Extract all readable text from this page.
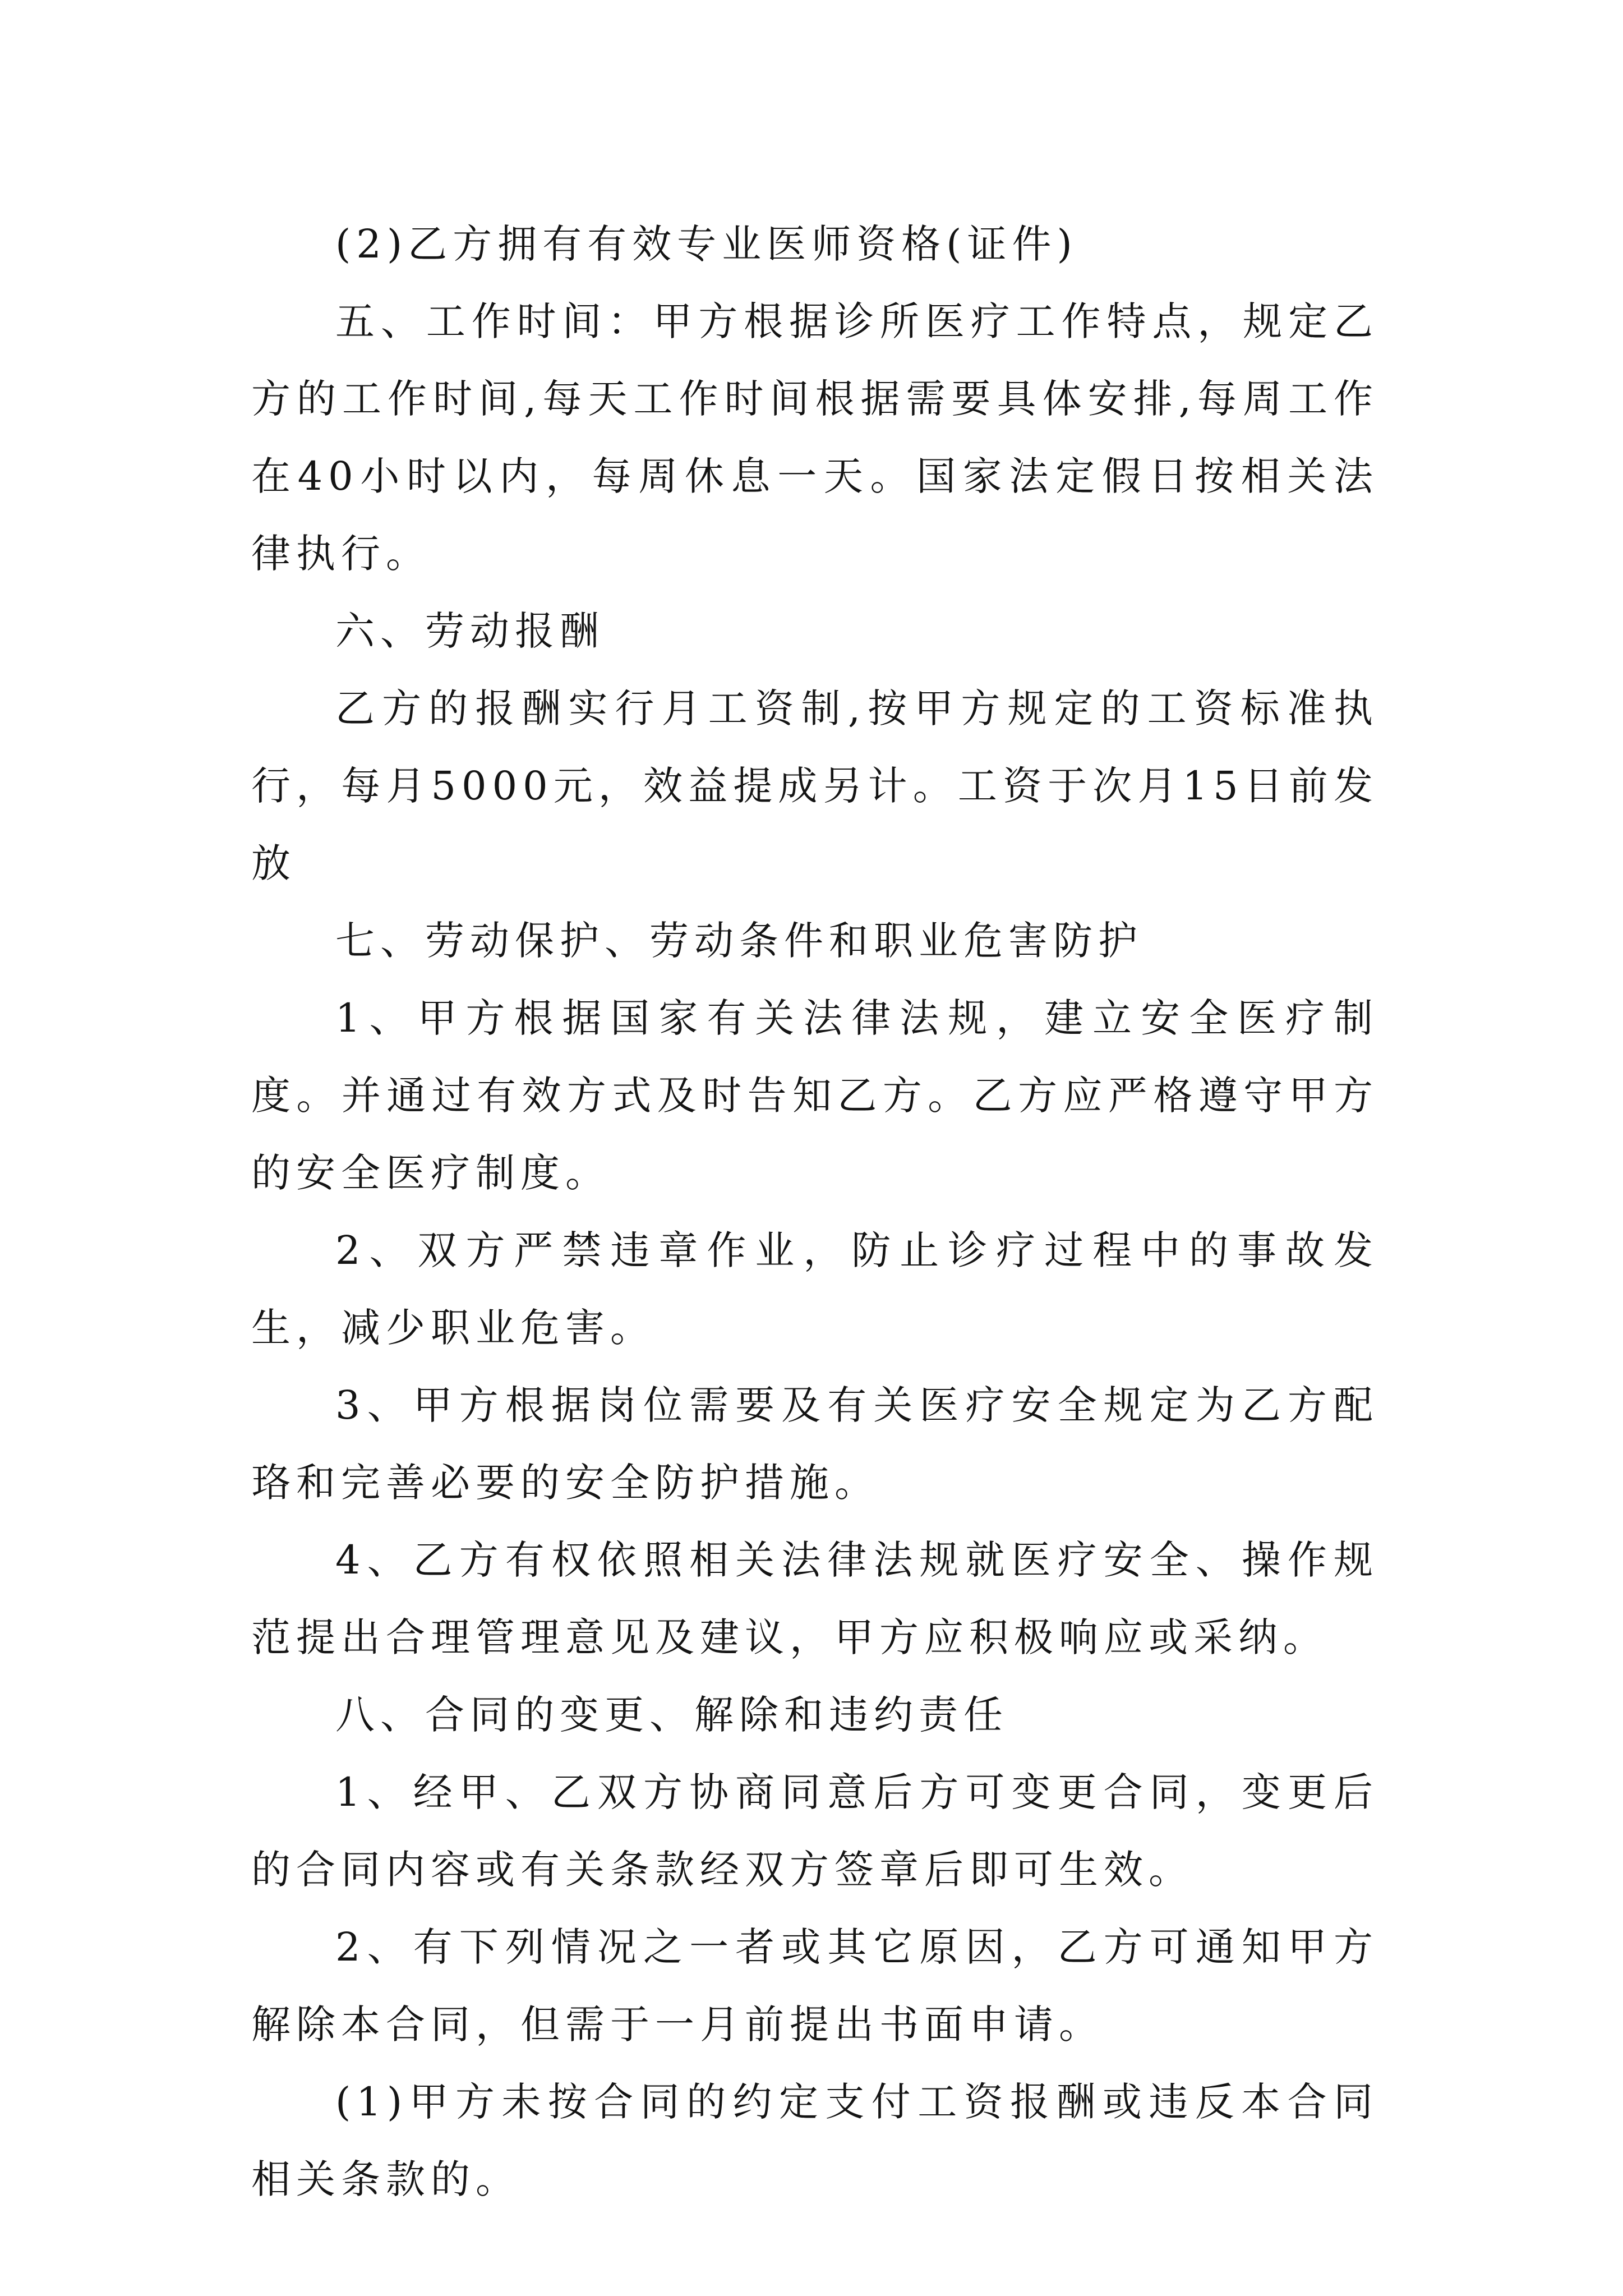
(2)乙方拥有有效专业医师资格(证件)

五、工作时间：甲方根据诊所医疗工作特点，规定乙方的工作时间,每天工作时间根据需要具体安排,每周工作在40小时以内，每周休息一天。国家法定假日按相关法律执行。

六、劳动报酬

乙方的报酬实行月工资制,按甲方规定的工资标准执行，每月5000元，效益提成另计。工资于次月15日前发放

七、劳动保护、劳动条件和职业危害防护

1、甲方根据国家有关法律法规，建立安全医疗制度。并通过有效方式及时告知乙方。乙方应严格遵守甲方的安全医疗制度。

2、双方严禁违章作业，防止诊疗过程中的事故发生，减少职业危害。

3、甲方根据岗位需要及有关医疗安全规定为乙方配珞和完善必要的安全防护措施。

4、乙方有权依照相关法律法规就医疗安全、操作规范提出合理管理意见及建议，甲方应积极响应或采纳。

八、合同的变更、解除和违约责任

1、经甲、乙双方协商同意后方可变更合同，变更后的合同内容或有关条款经双方签章后即可生效。

2、有下列情况之一者或其它原因，乙方可通知甲方解除本合同，但需于一月前提出书面申请。

(1)甲方未按合同的约定支付工资报酬或违反本合同相关条款的。
